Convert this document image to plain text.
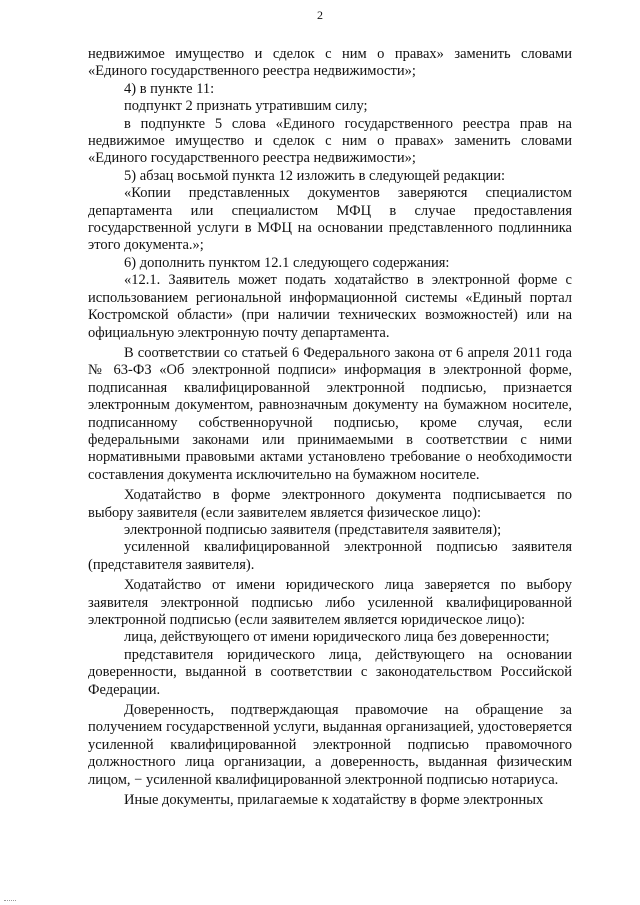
2

недвижимое имущество и сделок с ним о правах» заменить словами «Единого государственного реестра недвижимости»;

4) в пункте 11:

подпункт 2 признать утратившим силу;

в подпункте 5 слова «Единого государственного реестра прав на недвижимое имущество и сделок с ним о правах» заменить словами «Единого государственного реестра недвижимости»;

5) абзац восьмой пункта 12 изложить в следующей редакции:

«Копии представленных документов заверяются специалистом департамента или специалистом МФЦ в случае предоставления государственной услуги в МФЦ на основании представленного подлинника этого документа.»;

6) дополнить пунктом 12.1 следующего содержания:

«12.1. Заявитель может подать ходатайство в электронной форме с использованием региональной информационной системы «Единый портал Костромской области» (при наличии технических возможностей) или на официальную электронную почту департамента.

В соответствии со статьей 6 Федерального закона от 6 апреля 2011 года № 63-ФЗ «Об электронной подписи» информация в электронной форме, подписанная квалифицированной электронной подписью, признается электронным документом, равнозначным документу на бумажном носителе, подписанному собственноручной подписью, кроме случая, если федеральными законами или принимаемыми в соответствии с ними нормативными правовыми актами установлено требование о необходимости составления документа исключительно на бумажном носителе.

Ходатайство в форме электронного документа подписывается по выбору заявителя (если заявителем является физическое лицо):

электронной подписью заявителя (представителя заявителя);

усиленной квалифицированной электронной подписью заявителя (представителя заявителя).

Ходатайство от имени юридического лица заверяется по выбору заявителя электронной подписью либо усиленной квалифицированной электронной подписью (если заявителем является юридическое лицо):

лица, действующего от имени юридического лица без доверенности;

представителя юридического лица, действующего на основании доверенности, выданной в соответствии с законодательством Российской Федерации.

Доверенность, подтверждающая правомочие на обращение за получением государственной услуги, выданная организацией, удостоверяется усиленной квалифицированной электронной подписью правомочного должностного лица организации, а доверенность, выданная физическим лицом, − усиленной квалифицированной электронной подписью нотариуса.

Иные документы, прилагаемые к ходатайству в форме электронных
